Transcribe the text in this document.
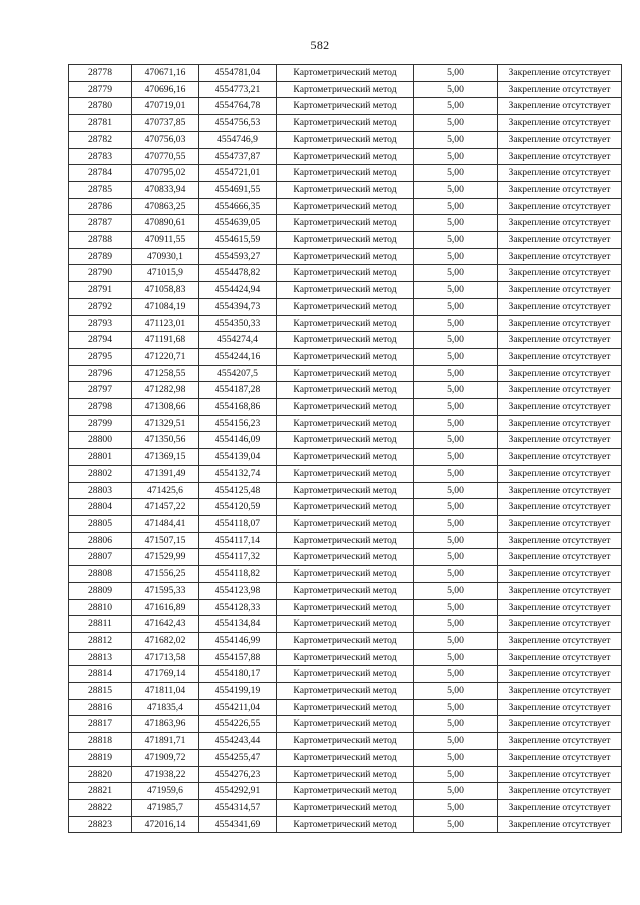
582
28778	470671,16	4554781,04	Картометрический метод	5,00	Закрепление отсутствует
28779	470696,16	4554773,21	Картометрический метод	5,00	Закрепление отсутствует
28780	470719,01	4554764,78	Картометрический метод	5,00	Закрепление отсутствует
28781	470737,85	4554756,53	Картометрический метод	5,00	Закрепление отсутствует
28782	470756,03	4554746,9	Картометрический метод	5,00	Закрепление отсутствует
28783	470770,55	4554737,87	Картометрический метод	5,00	Закрепление отсутствует
28784	470795,02	4554721,01	Картометрический метод	5,00	Закрепление отсутствует
28785	470833,94	4554691,55	Картометрический метод	5,00	Закрепление отсутствует
28786	470863,25	4554666,35	Картометрический метод	5,00	Закрепление отсутствует
28787	470890,61	4554639,05	Картометрический метод	5,00	Закрепление отсутствует
28788	470911,55	4554615,59	Картометрический метод	5,00	Закрепление отсутствует
28789	470930,1	4554593,27	Картометрический метод	5,00	Закрепление отсутствует
28790	471015,9	4554478,82	Картометрический метод	5,00	Закрепление отсутствует
28791	471058,83	4554424,94	Картометрический метод	5,00	Закрепление отсутствует
28792	471084,19	4554394,73	Картометрический метод	5,00	Закрепление отсутствует
28793	471123,01	4554350,33	Картометрический метод	5,00	Закрепление отсутствует
28794	471191,68	4554274,4	Картометрический метод	5,00	Закрепление отсутствует
28795	471220,71	4554244,16	Картометрический метод	5,00	Закрепление отсутствует
28796	471258,55	4554207,5	Картометрический метод	5,00	Закрепление отсутствует
28797	471282,98	4554187,28	Картометрический метод	5,00	Закрепление отсутствует
28798	471308,66	4554168,86	Картометрический метод	5,00	Закрепление отсутствует
28799	471329,51	4554156,23	Картометрический метод	5,00	Закрепление отсутствует
28800	471350,56	4554146,09	Картометрический метод	5,00	Закрепление отсутствует
28801	471369,15	4554139,04	Картометрический метод	5,00	Закрепление отсутствует
28802	471391,49	4554132,74	Картометрический метод	5,00	Закрепление отсутствует
28803	471425,6	4554125,48	Картометрический метод	5,00	Закрепление отсутствует
28804	471457,22	4554120,59	Картометрический метод	5,00	Закрепление отсутствует
28805	471484,41	4554118,07	Картометрический метод	5,00	Закрепление отсутствует
28806	471507,15	4554117,14	Картометрический метод	5,00	Закрепление отсутствует
28807	471529,99	4554117,32	Картометрический метод	5,00	Закрепление отсутствует
28808	471556,25	4554118,82	Картометрический метод	5,00	Закрепление отсутствует
28809	471595,33	4554123,98	Картометрический метод	5,00	Закрепление отсутствует
28810	471616,89	4554128,33	Картометрический метод	5,00	Закрепление отсутствует
28811	471642,43	4554134,84	Картометрический метод	5,00	Закрепление отсутствует
28812	471682,02	4554146,99	Картометрический метод	5,00	Закрепление отсутствует
28813	471713,58	4554157,88	Картометрический метод	5,00	Закрепление отсутствует
28814	471769,14	4554180,17	Картометрический метод	5,00	Закрепление отсутствует
28815	471811,04	4554199,19	Картометрический метод	5,00	Закрепление отсутствует
28816	471835,4	4554211,04	Картометрический метод	5,00	Закрепление отсутствует
28817	471863,96	4554226,55	Картометрический метод	5,00	Закрепление отсутствует
28818	471891,71	4554243,44	Картометрический метод	5,00	Закрепление отсутствует
28819	471909,72	4554255,47	Картометрический метод	5,00	Закрепление отсутствует
28820	471938,22	4554276,23	Картометрический метод	5,00	Закрепление отсутствует
28821	471959,6	4554292,91	Картометрический метод	5,00	Закрепление отсутствует
28822	471985,7	4554314,57	Картометрический метод	5,00	Закрепление отсутствует
28823	472016,14	4554341,69	Картометрический метод	5,00	Закрепление отсутствует
